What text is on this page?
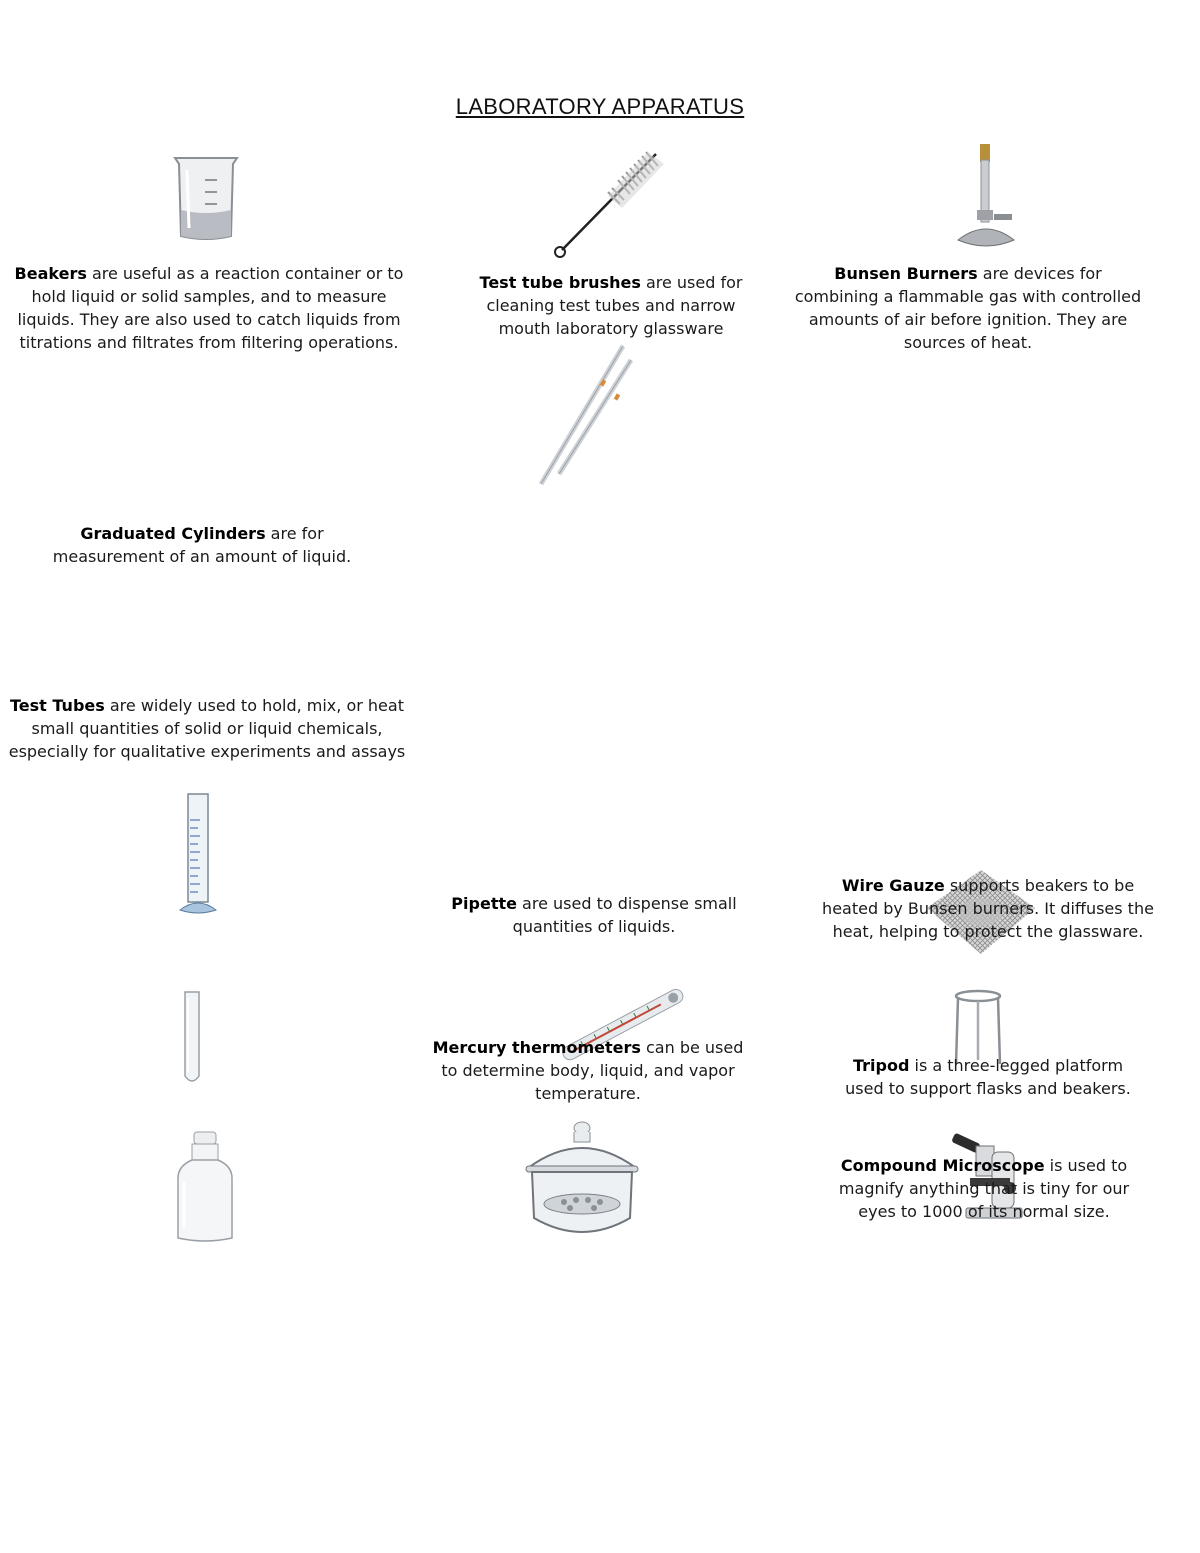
LABORATORY APPARATUS
Beakers are useful as a reaction container or to hold liquid or solid samples, and to measure liquids. They are also used to catch liquids from titrations and filtrates from filtering operations.
Test tube brushes are used for cleaning test tubes and narrow mouth laboratory glassware
Bunsen Burners are devices for combining a flammable gas with controlled amounts of air before ignition. They are sources of heat.
Graduated Cylinders are for measurement of an amount of liquid.
Test Tubes are widely used to hold, mix, or heat small quantities of solid or liquid chemicals, especially for qualitative experiments and assays
Pipette are used to dispense small quantities of liquids.
Wire Gauze supports beakers to be heated by Bunsen burners. It diffuses the heat, helping to protect the glassware.
Mercury thermometers can be used to determine body, liquid, and vapor temperature.
Tripod is a three-legged platform used to support flasks and beakers.
Compound Microscope is used to magnify anything that is tiny for our eyes to 1000 of its normal size.
